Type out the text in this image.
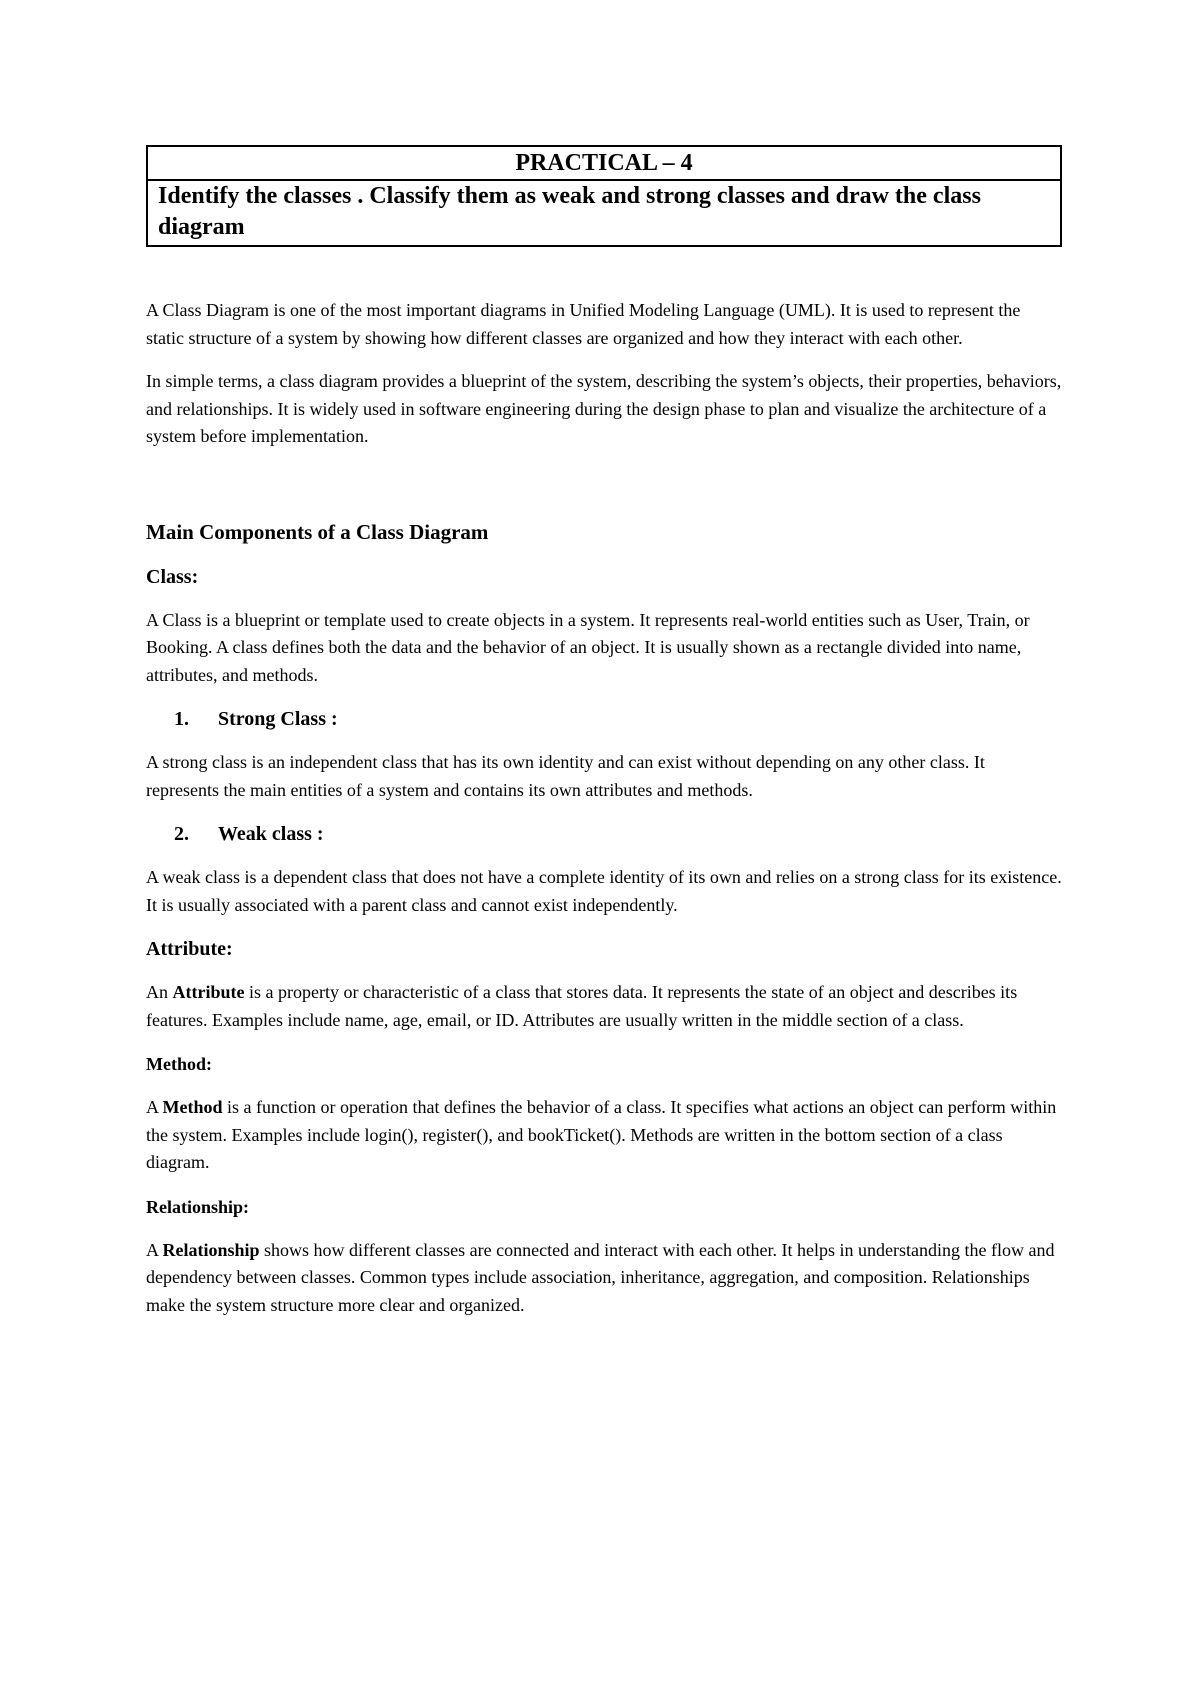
PRACTICAL – 4
Identify the classes . Classify them as weak and strong classes and draw the class diagram

A Class Diagram is one of the most important diagrams in Unified Modeling Language (UML). It is used to represent the static structure of a system by showing how different classes are organized and how they interact with each other.

In simple terms, a class diagram provides a blueprint of the system, describing the system’s objects, their properties, behaviors, and relationships. It is widely used in software engineering during the design phase to plan and visualize the architecture of a system before implementation.

Main Components of a Class Diagram
Class:

A Class is a blueprint or template used to create objects in a system. It represents real-world entities such as User, Train, or Booking. A class defines both the data and the behavior of an object. It is usually shown as a rectangle divided into name, attributes, and methods.

1. Strong Class :

A strong class is an independent class that has its own identity and can exist without depending on any other class. It represents the main entities of a system and contains its own attributes and methods.

2. Weak class :

A weak class is a dependent class that does not have a complete identity of its own and relies on a strong class for its existence. It is usually associated with a parent class and cannot exist independently.

Attribute:

An Attribute is a property or characteristic of a class that stores data. It represents the state of an object and describes its features. Examples include name, age, email, or ID. Attributes are usually written in the middle section of a class.

Method:

A Method is a function or operation that defines the behavior of a class. It specifies what actions an object can perform within the system. Examples include login(), register(), and bookTicket(). Methods are written in the bottom section of a class diagram.

Relationship:

A Relationship shows how different classes are connected and interact with each other. It helps in understanding the flow and dependency between classes. Common types include association, inheritance, aggregation, and composition. Relationships make the system structure more clear and organized.
